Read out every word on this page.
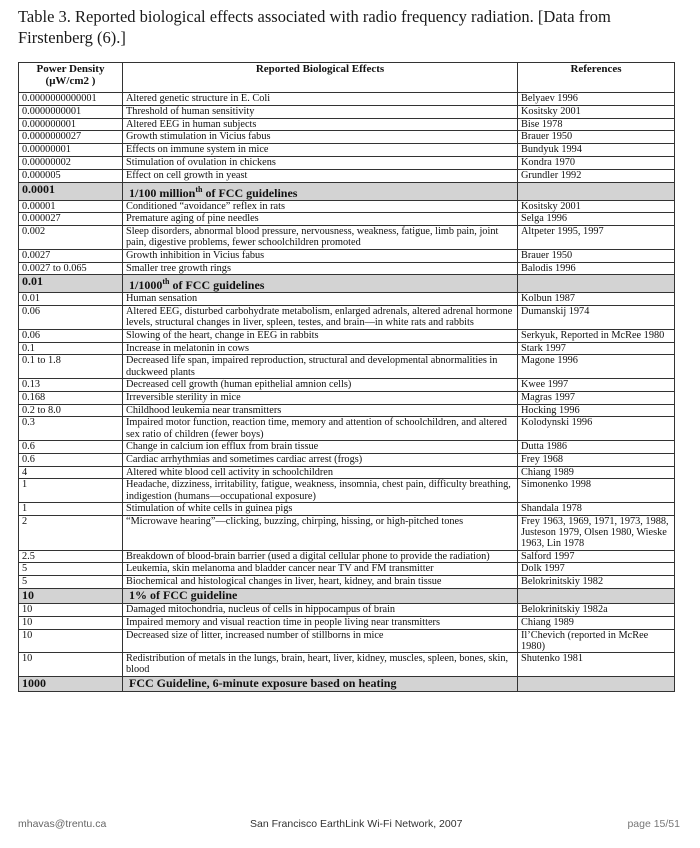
Table 3. Reported biological effects associated with radio frequency radiation. [Data from Firstenberg (6).]
Power Density (μW/cm2 )	Reported Biological Effects	References
0.0000000000001	Altered genetic structure in E. Coli	Belyaev 1996
0.0000000001	Threshold of human sensitivity	Kositsky 2001
0.000000001	Altered EEG in human subjects	Bise 1978
0.0000000027	Growth stimulation in Vicius fabus	Brauer 1950
0.00000001	Effects on immune system in mice	Bundyuk 1994
0.00000002	Stimulation of ovulation in chickens	Kondra 1970
0.000005	Effect on cell growth in yeast	Grundler 1992
0.0001	1/100 million$^{th}$ of FCC guidelines	
0.00001	Conditioned “avoidance” reflex in rats	Kositsky 2001
0.000027	Premature aging of pine needles	Selga 1996
0.002	Sleep disorders, abnormal blood pressure, nervousness, weakness, fatigue, limb pain, joint pain, digestive problems, fewer schoolchildren promoted	Altpeter 1995, 1997
0.0027	Growth inhibition in Vicius fabus	Brauer 1950
0.0027 to 0.065	Smaller tree growth rings	Balodis 1996
0.01	1/1000th of FCC guidelines	
0.01	Human sensation	Kolbun 1987
0.06	Altered EEG, disturbed carbohydrate metabolism, enlarged adrenals, altered adrenal hormone levels, structural changes in liver, spleen, testes, and brain—in white rats and rabbits	Dumanskij 1974
0.06	Slowing of the heart, change in EEG in rabbits	Serkyuk, Reported in McRee 1980
0.1	Increase in melatonin in cows	Stark 1997
0.1 to 1.8	Decreased life span, impaired reproduction, structural and developmental abnormalities in duckweed plants	Magone 1996
0.13	Decreased cell growth (human epithelial amnion cells)	Kwee 1997
0.168	Irreversible sterility in mice	Magras 1997
0.2 to 8.0	Childhood leukemia near transmitters	Hocking 1996
0.3	Impaired motor function, reaction time, memory and attention of schoolchildren, and altered sex ratio of children (fewer boys)	Kolodynski 1996
0.6	Change in calcium ion efflux from brain tissue	Dutta 1986
0.6	Cardiac arrhythmias and sometimes cardiac arrest (frogs)	Frey 1968
4	Altered white blood cell activity in schoolchildren	Chiang 1989
1	Headache, dizziness, irritability, fatigue, weakness, insomnia, chest pain, difficulty breathing, indigestion (humans—occupational exposure)	Simonenko 1998
1	Stimulation of white cells in guinea pigs	Shandala 1978
2	“Microwave hearing”—clicking, buzzing, chirping, hissing, or high-pitched tones	Frey 1963, 1969, 1971, 1973, 1988, Justeson 1979, Olsen 1980, Wieske 1963, Lin 1978
2.5	Breakdown of blood-brain barrier (used a digital cellular phone to provide the radiation)	Salford 1997
5	Leukemia, skin melanoma and bladder cancer near TV and FM transmitter	Dolk 1997
5	Biochemical and histological changes in liver, heart, kidney, and brain tissue	Belokrinitskiy 1982
10	1% of FCC guideline	
10	Damaged mitochondria, nucleus of cells in hippocampus of brain	Belokrinitskiy 1982a
10	Impaired memory and visual reaction time in people living near transmitters	Chiang 1989
10	Decreased size of litter, increased number of stillborns in mice	Il’Chevich (reported in McRee 1980)
10	Redistribution of metals in the lungs, brain, heart, liver, kidney, muscles, spleen, bones, skin, blood	Shutenko 1981
1000	FCC Guideline, 6-minute exposure based on heating	
mhavas@trentu.ca	San Francisco EarthLink Wi-Fi Network, 2007	page 15/51
